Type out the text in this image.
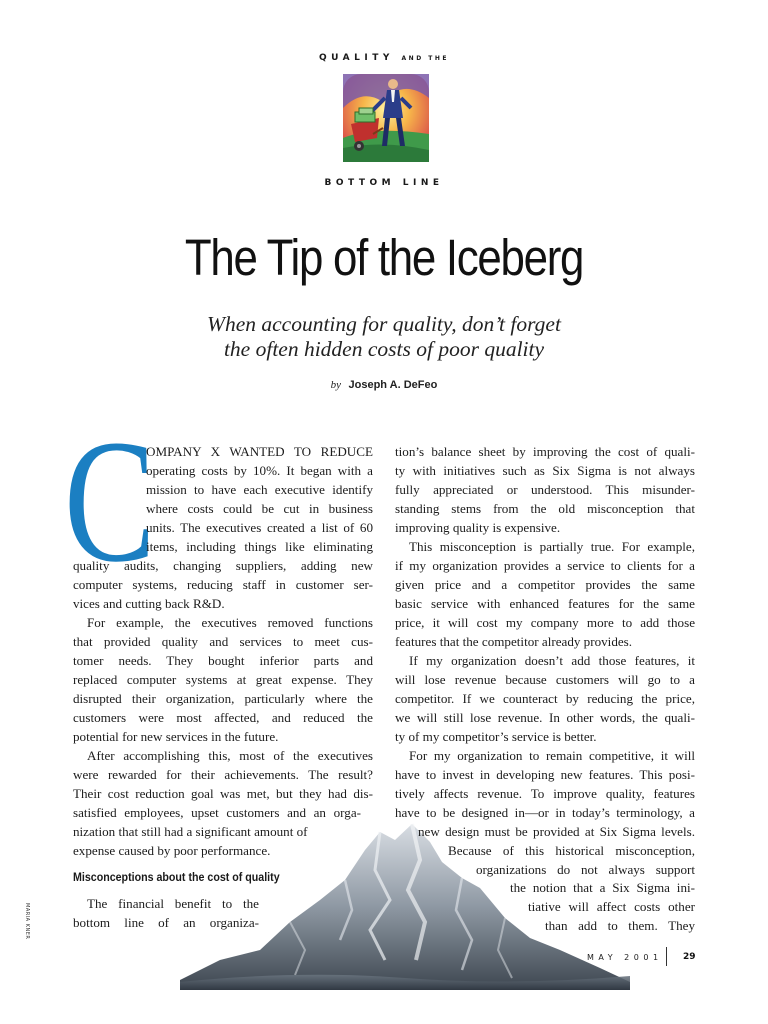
QUALITY AND THE
BOTTOM LINE
The Tip of the Iceberg
When accounting for quality, don’t forget
the often hidden costs of poor quality
by Joseph A. DeFeo
C
OMPANY X WANTED TO REDUCE
operating costs by 10%. It began with a
mission to have each executive identify
where costs could be cut in business
units. The executives created a list of 60
items, including things like eliminating
quality audits, changing suppliers, adding new
computer systems, reducing staff in customer ser-
vices and cutting back R&D.
For example, the executives removed functions
that provided quality and services to meet cus-
tomer needs. They bought inferior parts and
replaced computer systems at great expense. They
disrupted their organization, particularly where the
customers were most affected, and reduced the
potential for new services in the future.
After accomplishing this, most of the executives
were rewarded for their achievements. The result?
Their cost reduction goal was met, but they had dis-
satisfied employees, upset customers and an orga-
nization that still had a significant amount of
expense caused by poor performance.
Misconceptions about the cost of quality
The financial benefit to the
bottom line of an organiza-
tion’s balance sheet by improving the cost of quali-
ty with initiatives such as Six Sigma is not always
fully appreciated or understood. This misunder-
standing stems from the old misconception that
improving quality is expensive.
This misconception is partially true. For example,
if my organization provides a service to clients for a
given price and a competitor provides the same
basic service with enhanced features for the same
price, it will cost my company more to add those
features that the competitor already provides.
If my organization doesn’t add those features, it
will lose revenue because customers will go to a
competitor. If we counteract by reducing the price,
we will still lose revenue. In other words, the quali-
ty of my competitor’s service is better.
For my organization to remain competitive, it will
have to invest in developing new features. This posi-
tively affects revenue. To improve quality, features
have to be designed in—or in today’s terminology, a
new design must be provided at Six Sigma levels.
Because of this historical misconception,
organizations do not always support
the notion that a Six Sigma ini-
tiative will affect costs other
than add to them. They
MARIA KNER
MAY 2001 29
